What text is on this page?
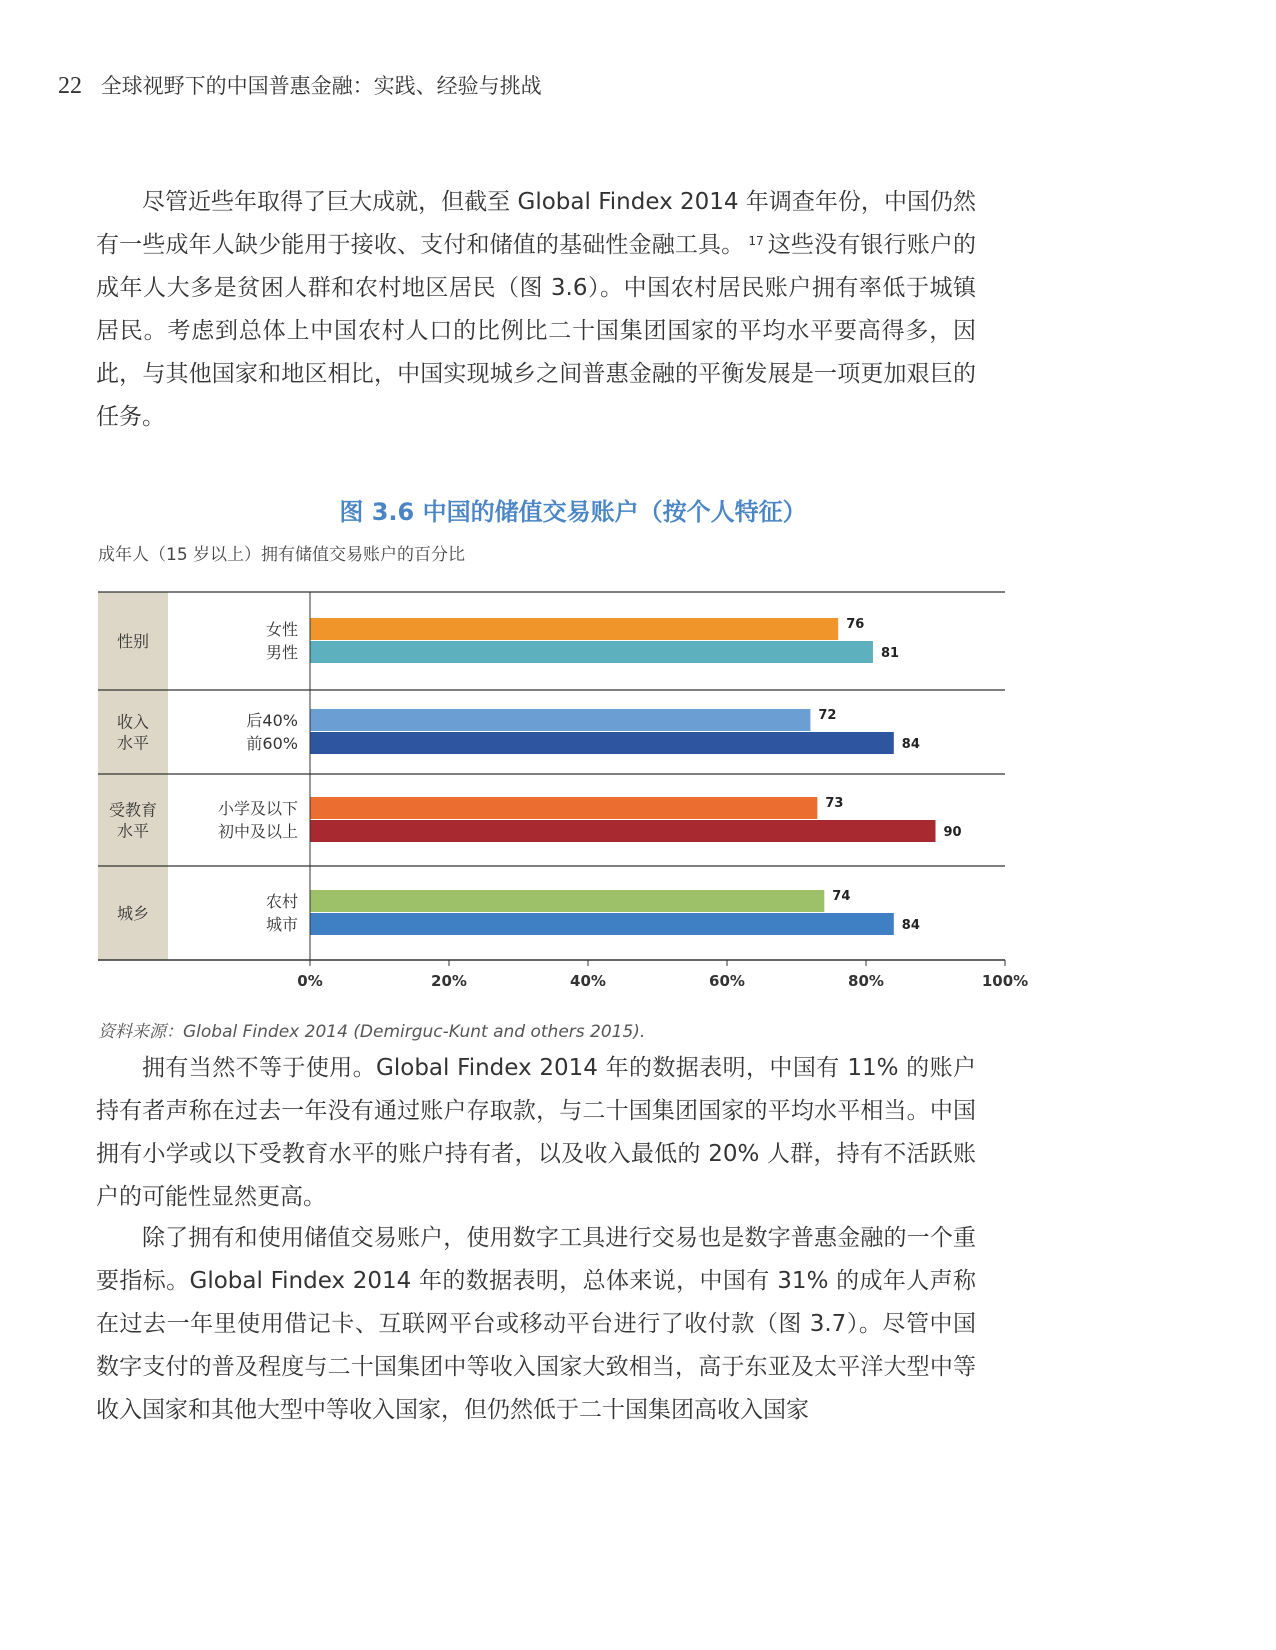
22 全球视野下的中国普惠金融：实践、经验与挑战

尽管近些年取得了巨大成就，但截至 Global Findex 2014 年调查年份，中国仍然有一些成年人缺少能用于接收、支付和储值的基础性金融工具。 $^{17}$ 这些没有银行账户的成年人大多是贫困人群和农村地区居民（图 3.6）。中国农村居民账户拥有率低于城镇居民。考虑到总体上中国农村人口的比例比二十国集团国家的平均水平要高得多，因此，与其他国家和地区相比，中国实现城乡之间普惠金融的平衡发展是一项更加艰巨的任务。

图 3.6 中国的储值交易账户（按个人特征）
成年人（15 岁以上）拥有储值交易账户的百分比
性别
女性	76
男性	81
收入
水平
后40%	72
前60%	84
受教育
水平
小学及以下	73
初中及以上	90
城乡
农村	74
城市	84
0%	20%	40%	60%	80%	100%
资料来源：Global Findex 2014 (Demirguc-Kunt and others 2015).

拥有当然不等于使用。Global Findex 2014 年的数据表明，中国有 11% 的账户持有者声称在过去一年没有通过账户存取款，与二十国集团国家的平均水平相当。中国拥有小学或以下受教育水平的账户持有者，以及收入最低的 20% 人群，持有不活跃账户的可能性显然更高。

除了拥有和使用储值交易账户，使用数字工具进行交易也是数字普惠金融的一个重要指标。Global Findex 2014 年的数据表明，总体来说，中国有 31% 的成年人声称在过去一年里使用借记卡、互联网平台或移动平台进行了收付款（图 3.7）。尽管中国数字支付的普及程度与二十国集团中等收入国家大致相当，高于东亚及太平洋大型中等收入国家和其他大型中等收入国家，但仍然低于二十国集团高收入国家
